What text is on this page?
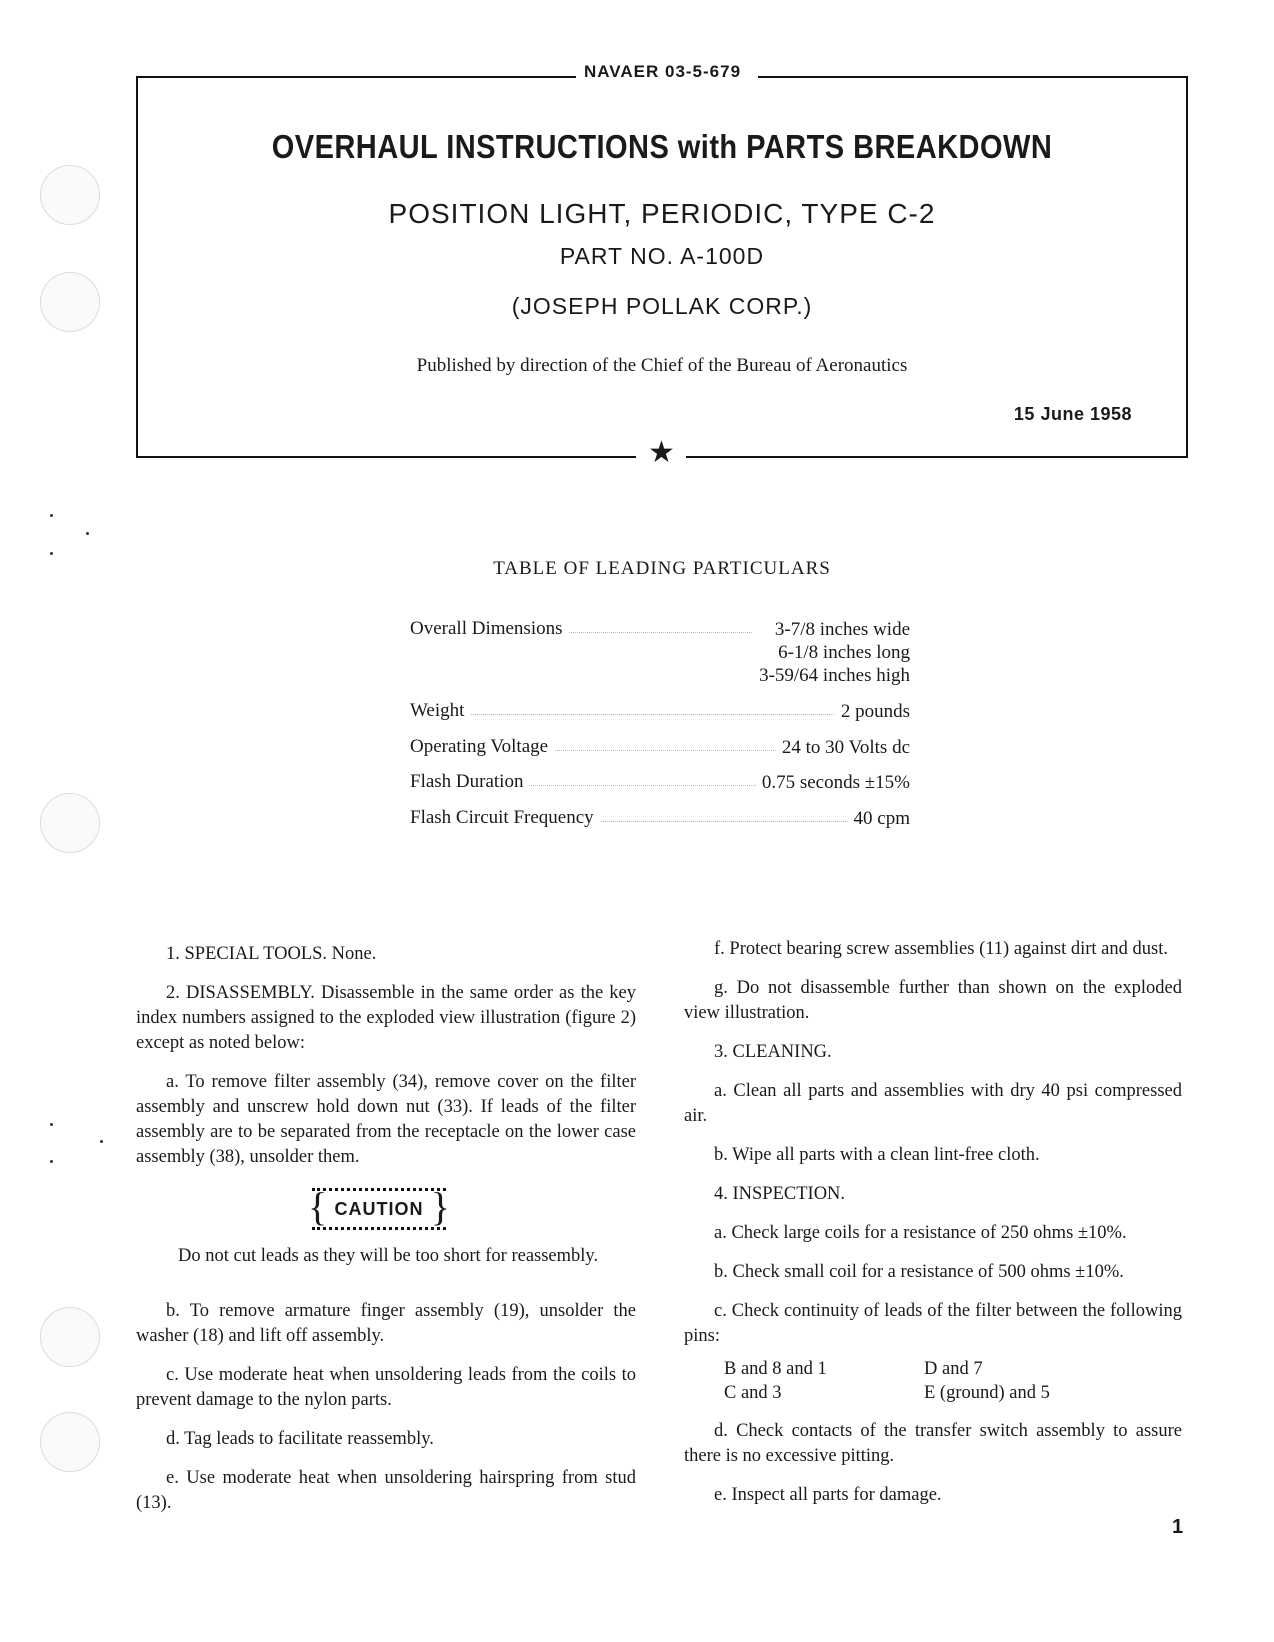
NAVAER 03-5-679
OVERHAUL INSTRUCTIONS with PARTS BREAKDOWN
POSITION LIGHT, PERIODIC, TYPE C-2
PART NO. A-100D
(JOSEPH POLLAK CORP.)
Published by direction of the Chief of the Bureau of Aeronautics
15 June 1958
★
TABLE OF LEADING PARTICULARS
Overall Dimensions	3-7/8 inches wide
6-1/8 inches long
3-59/64 inches high
Weight	2 pounds
Operating Voltage	24 to 30 Volts dc
Flash Duration	0.75 seconds ±15%
Flash Circuit Frequency	40 cpm

1. SPECIAL TOOLS. None.

2. DISASSEMBLY. Disassemble in the same order as the key index numbers assigned to the exploded view illustration (figure 2) except as noted below:

a. To remove filter assembly (34), remove cover on the filter assembly and unscrew hold down nut (33). If leads of the filter assembly are to be separated from the receptacle on the lower case assembly (38), unsolder them.

{	}
CAUTION

Do not cut leads as they will be too short for reassembly.

b. To remove armature finger assembly (19), unsolder the washer (18) and lift off assembly.

c. Use moderate heat when unsoldering leads from the coils to prevent damage to the nylon parts.

d. Tag leads to facilitate reassembly.

e. Use moderate heat when unsoldering hairspring from stud (13).

f. Protect bearing screw assemblies (11) against dirt and dust.

g. Do not disassemble further than shown on the exploded view illustration.

3. CLEANING.

a. Clean all parts and assemblies with dry 40 psi compressed air.

b. Wipe all parts with a clean lint-free cloth.

4. INSPECTION.

a. Check large coils for a resistance of 250 ohms ±10%.

b. Check small coil for a resistance of 500 ohms ±10%.

c. Check continuity of leads of the filter between the following pins:

B and 8 and 1	D and 7
C and 3	E (ground) and 5

d. Check contacts of the transfer switch assembly to assure there is no excessive pitting.

e. Inspect all parts for damage.

1
